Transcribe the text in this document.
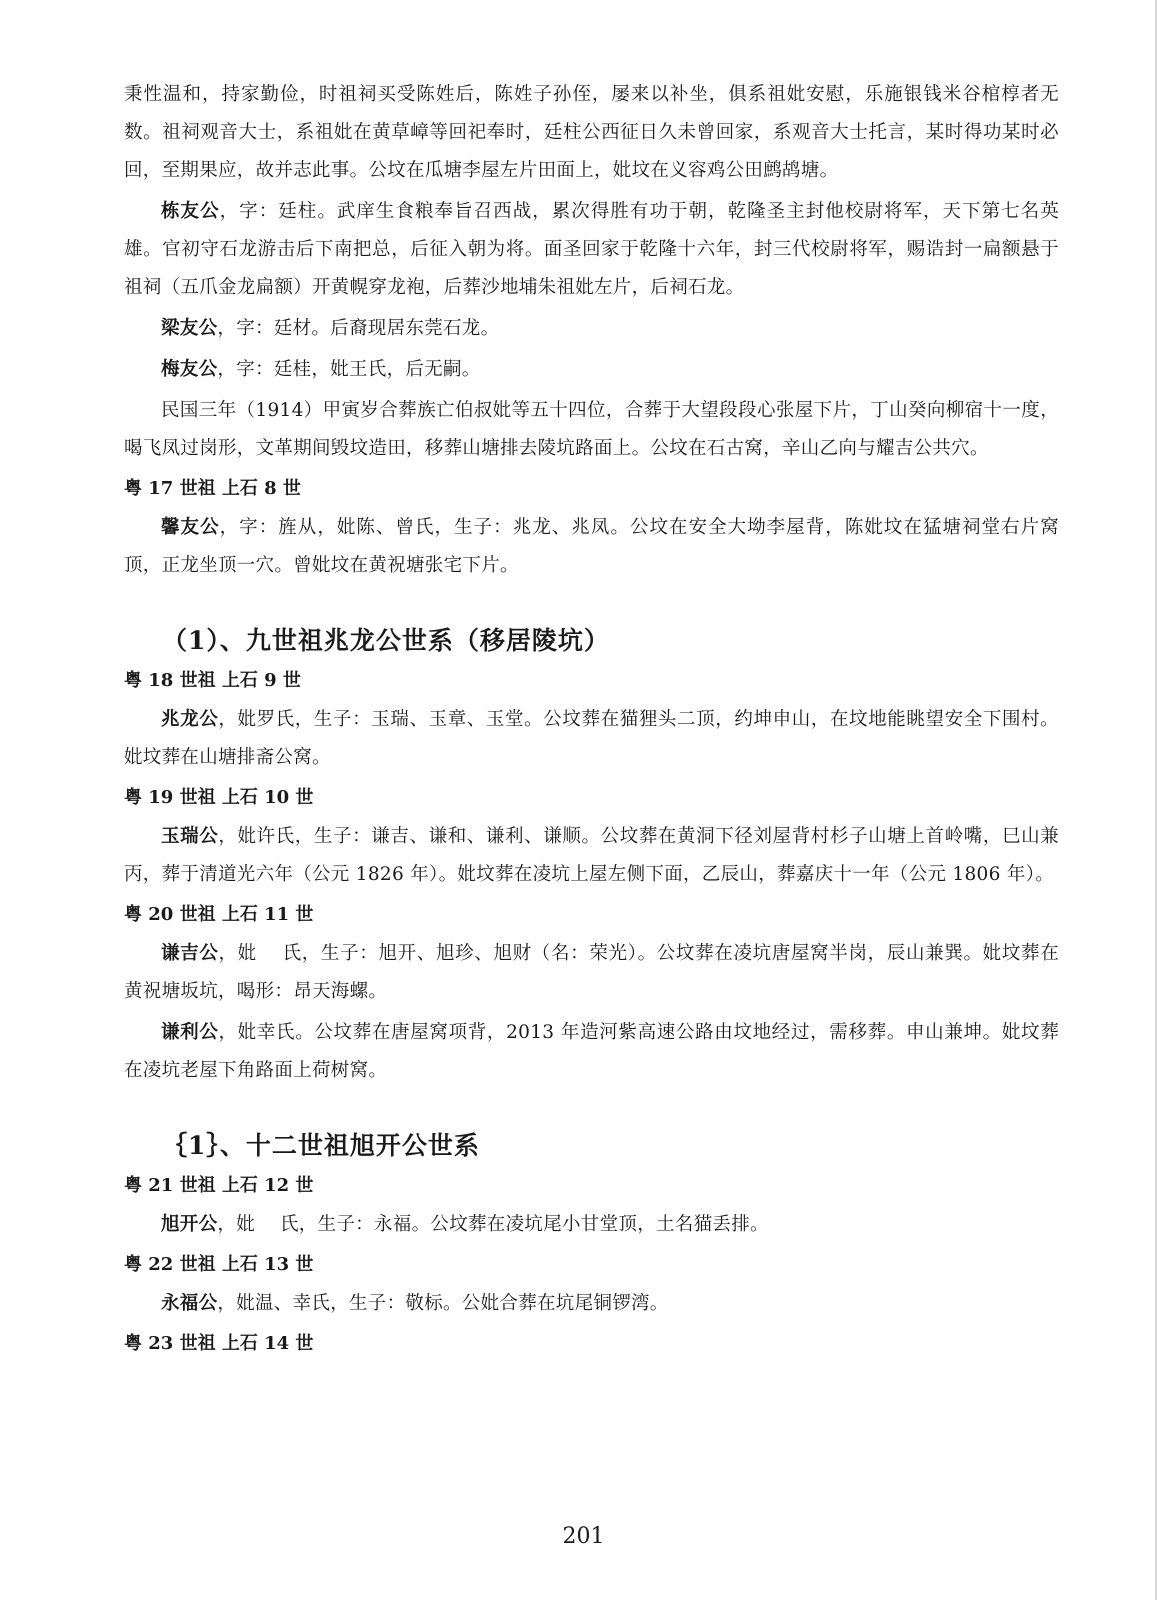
秉性温和，持家勤俭，时祖祠买受陈姓后，陈姓子孙侄，屡来以补坐，俱系祖妣安慰，乐施银钱米谷棺椁者无数。祖祠观音大士，系祖妣在黄草嶂等回祀奉时，廷柱公西征日久未曾回家，系观音大士托言，某时得功某时必回，至期果应，故并志此事。公坟在瓜塘李屋左片田面上，妣坟在义容鸡公田鹧鸪塘。

栋友公，字：廷柱。武庠生食粮奉旨召西战，累次得胜有功于朝，乾隆圣主封他校尉将军，天下第七名英雄。官初守石龙游击后下南把总，后征入朝为将。面圣回家于乾隆十六年，封三代校尉将军，赐诰封一扁额悬于祖祠（五爪金龙扁额）开黄幌穿龙袍，后葬沙地埔朱祖妣左片，后祠石龙。

梁友公，字：廷材。后裔现居东莞石龙。

梅友公，字：廷桂，妣王氏，后无嗣。

民国三年（1914）甲寅岁合葬族亡伯叔妣等五十四位，合葬于大望段段心张屋下片，丁山癸向柳宿十一度，喝飞凤过岗形，文革期间毁坟造田，移葬山塘排去陵坑路面上。公坟在石古窝，辛山乙向与耀吉公共穴。

粤 17 世祖 上石 8 世

馨友公，字：旌从，妣陈、曾氏，生子：兆龙、兆凤。公坟在安全大坳李屋背，陈妣坟在猛塘祠堂右片窝顶，正龙坐顶一穴。曾妣坟在黄祝塘张宅下片。

（1）、九世祖兆龙公世系（移居陵坑）
粤 18 世祖 上石 9 世

兆龙公，妣罗氏，生子：玉瑞、玉章、玉堂。公坟葬在猫狸头二顶，约坤申山，在坟地能眺望安全下围村。妣坟葬在山塘排斋公窝。

粤 19 世祖 上石 10 世

玉瑞公，妣许氏，生子：谦吉、谦和、谦利、谦顺。公坟葬在黄洞下径刘屋背村杉子山塘上首岭嘴，巳山兼丙，葬于清道光六年（公元 1826 年）。妣坟葬在凌坑上屋左侧下面，乙辰山，葬嘉庆十一年（公元 1806 年）。

粤 20 世祖 上石 11 世

谦吉公，妣　 氏，生子：旭开、旭珍、旭财（名：荣光）。公坟葬在凌坑唐屋窝半岗，辰山兼巽。妣坟葬在黄祝塘坂坑，喝形：昂天海螺。

谦利公，妣幸氏。公坟葬在唐屋窝项背，2013 年造河紫高速公路由坟地经过，需移葬。申山兼坤。妣坟葬在凌坑老屋下角路面上荷树窝。

｛1｝、十二世祖旭开公世系
粤 21 世祖 上石 12 世

旭开公，妣　 氏，生子：永福。公坟葬在凌坑尾小甘堂顶，土名猫丢排。

粤 22 世祖 上石 13 世

永福公，妣温、幸氏，生子：敬标。公妣合葬在坑尾铜锣湾。

粤 23 世祖 上石 14 世
201
